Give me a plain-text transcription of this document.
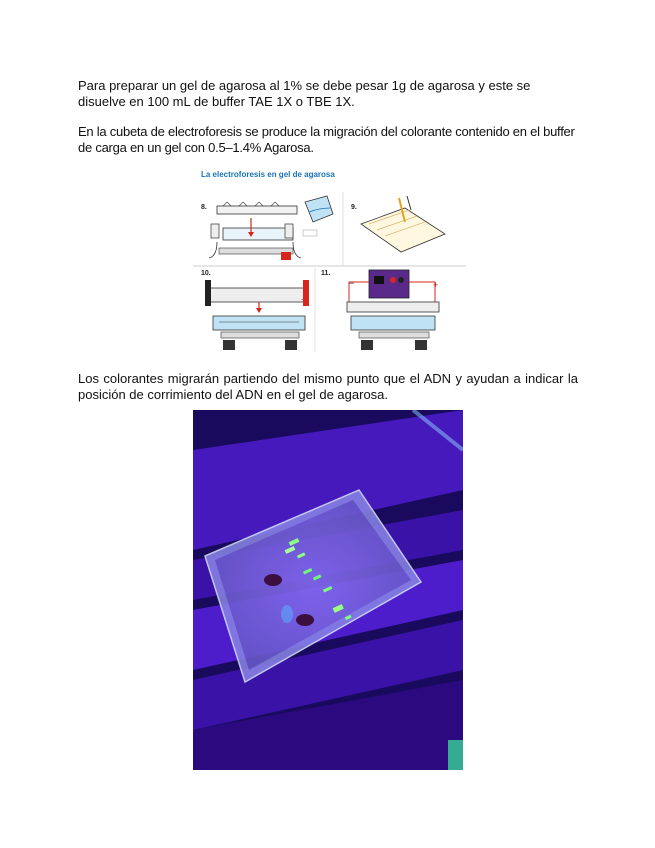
Para preparar un gel de agarosa al 1% se debe pesar 1g de agarosa y este se disuelve en 100 mL de buffer TAE 1X o TBE 1X.

En la cubeta de electroforesis se produce la migración del colorante contenido en el buffer de carga en un gel con 0.5–1.4% Agarosa.

+
−	+
La electroforesis en gel de agarosa
8.	9.
10.	11.

Los colorantes migrarán partiendo del mismo punto que el ADN y ayudan a indicar la posición de corrimiento del ADN en el gel de agarosa.
